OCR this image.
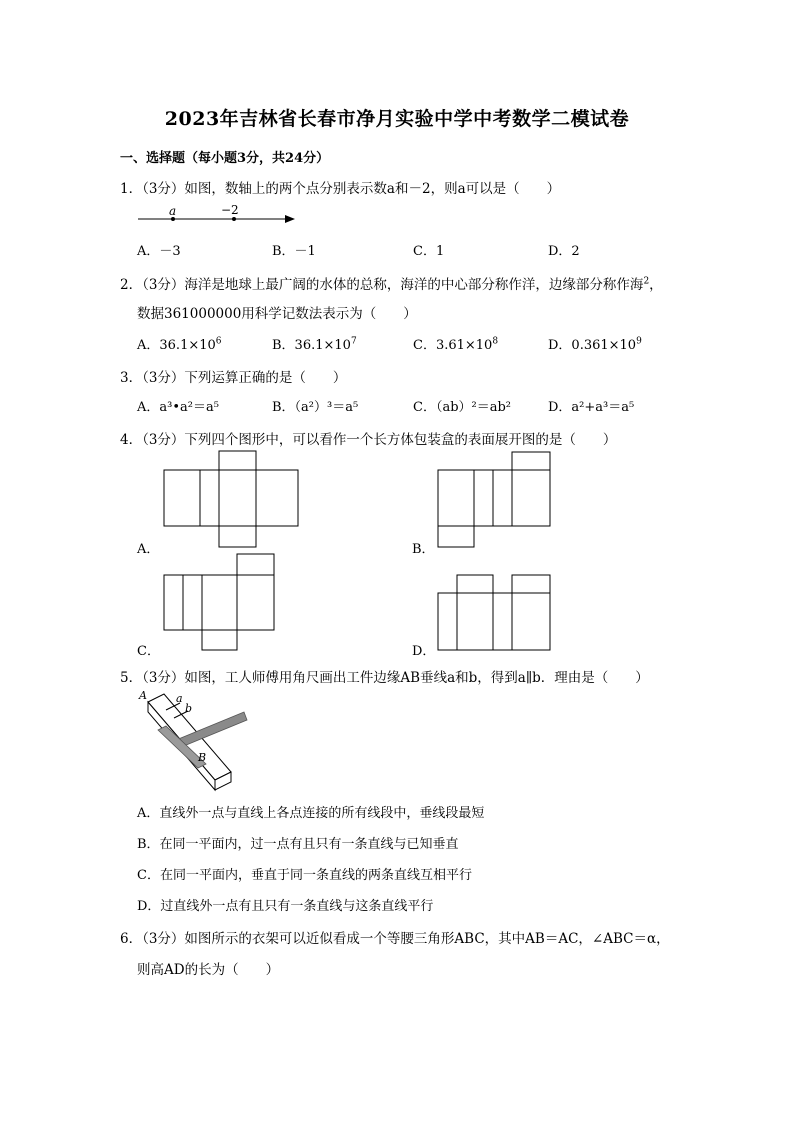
2023年吉林省长春市净月实验中学中考数学二模试卷
一、选择题（每小题3分，共24分）
1．（3分）如图，数轴上的两个点分别表示数a和－2，则a可以是（　　）
a	−2
A．－3	B．－1	C．1	D．2
2．（3分）海洋是地球上最广阔的水体的总称，海洋的中心部分称作洋，边缘部分称作海$^2$，
数据361000000用科学记数法表示为（　　）
A．$36.1\times 10^6$	B．$36.1\times 10^7$	C．$3.61\times 10^8$	D．$0.361\times 10^9$
3．（3分）下列运算正确的是（　　）
A．a³•a²＝a⁵	B．（a²）³＝a⁵	C．（ab）²＝ab²	D．a²+a³＝a⁵
4．（3分）下列四个图形中，可以看作一个长方体包装盒的表面展开图的是（　　）
A．	B．
C．	D．
5．（3分）如图，工人师傅用角尺画出工件边缘AB垂线a和b，得到a∥b．理由是（　　）
A	a
b
B
A．直线外一点与直线上各点连接的所有线段中，垂线段最短
B．在同一平面内，过一点有且只有一条直线与已知垂直
C．在同一平面内，垂直于同一条直线的两条直线互相平行
D．过直线外一点有且只有一条直线与这条直线平行
6．（3分）如图所示的衣架可以近似看成一个等腰三角形ABC，其中AB＝AC，∠ABC＝α，
则高AD的长为（　　）
